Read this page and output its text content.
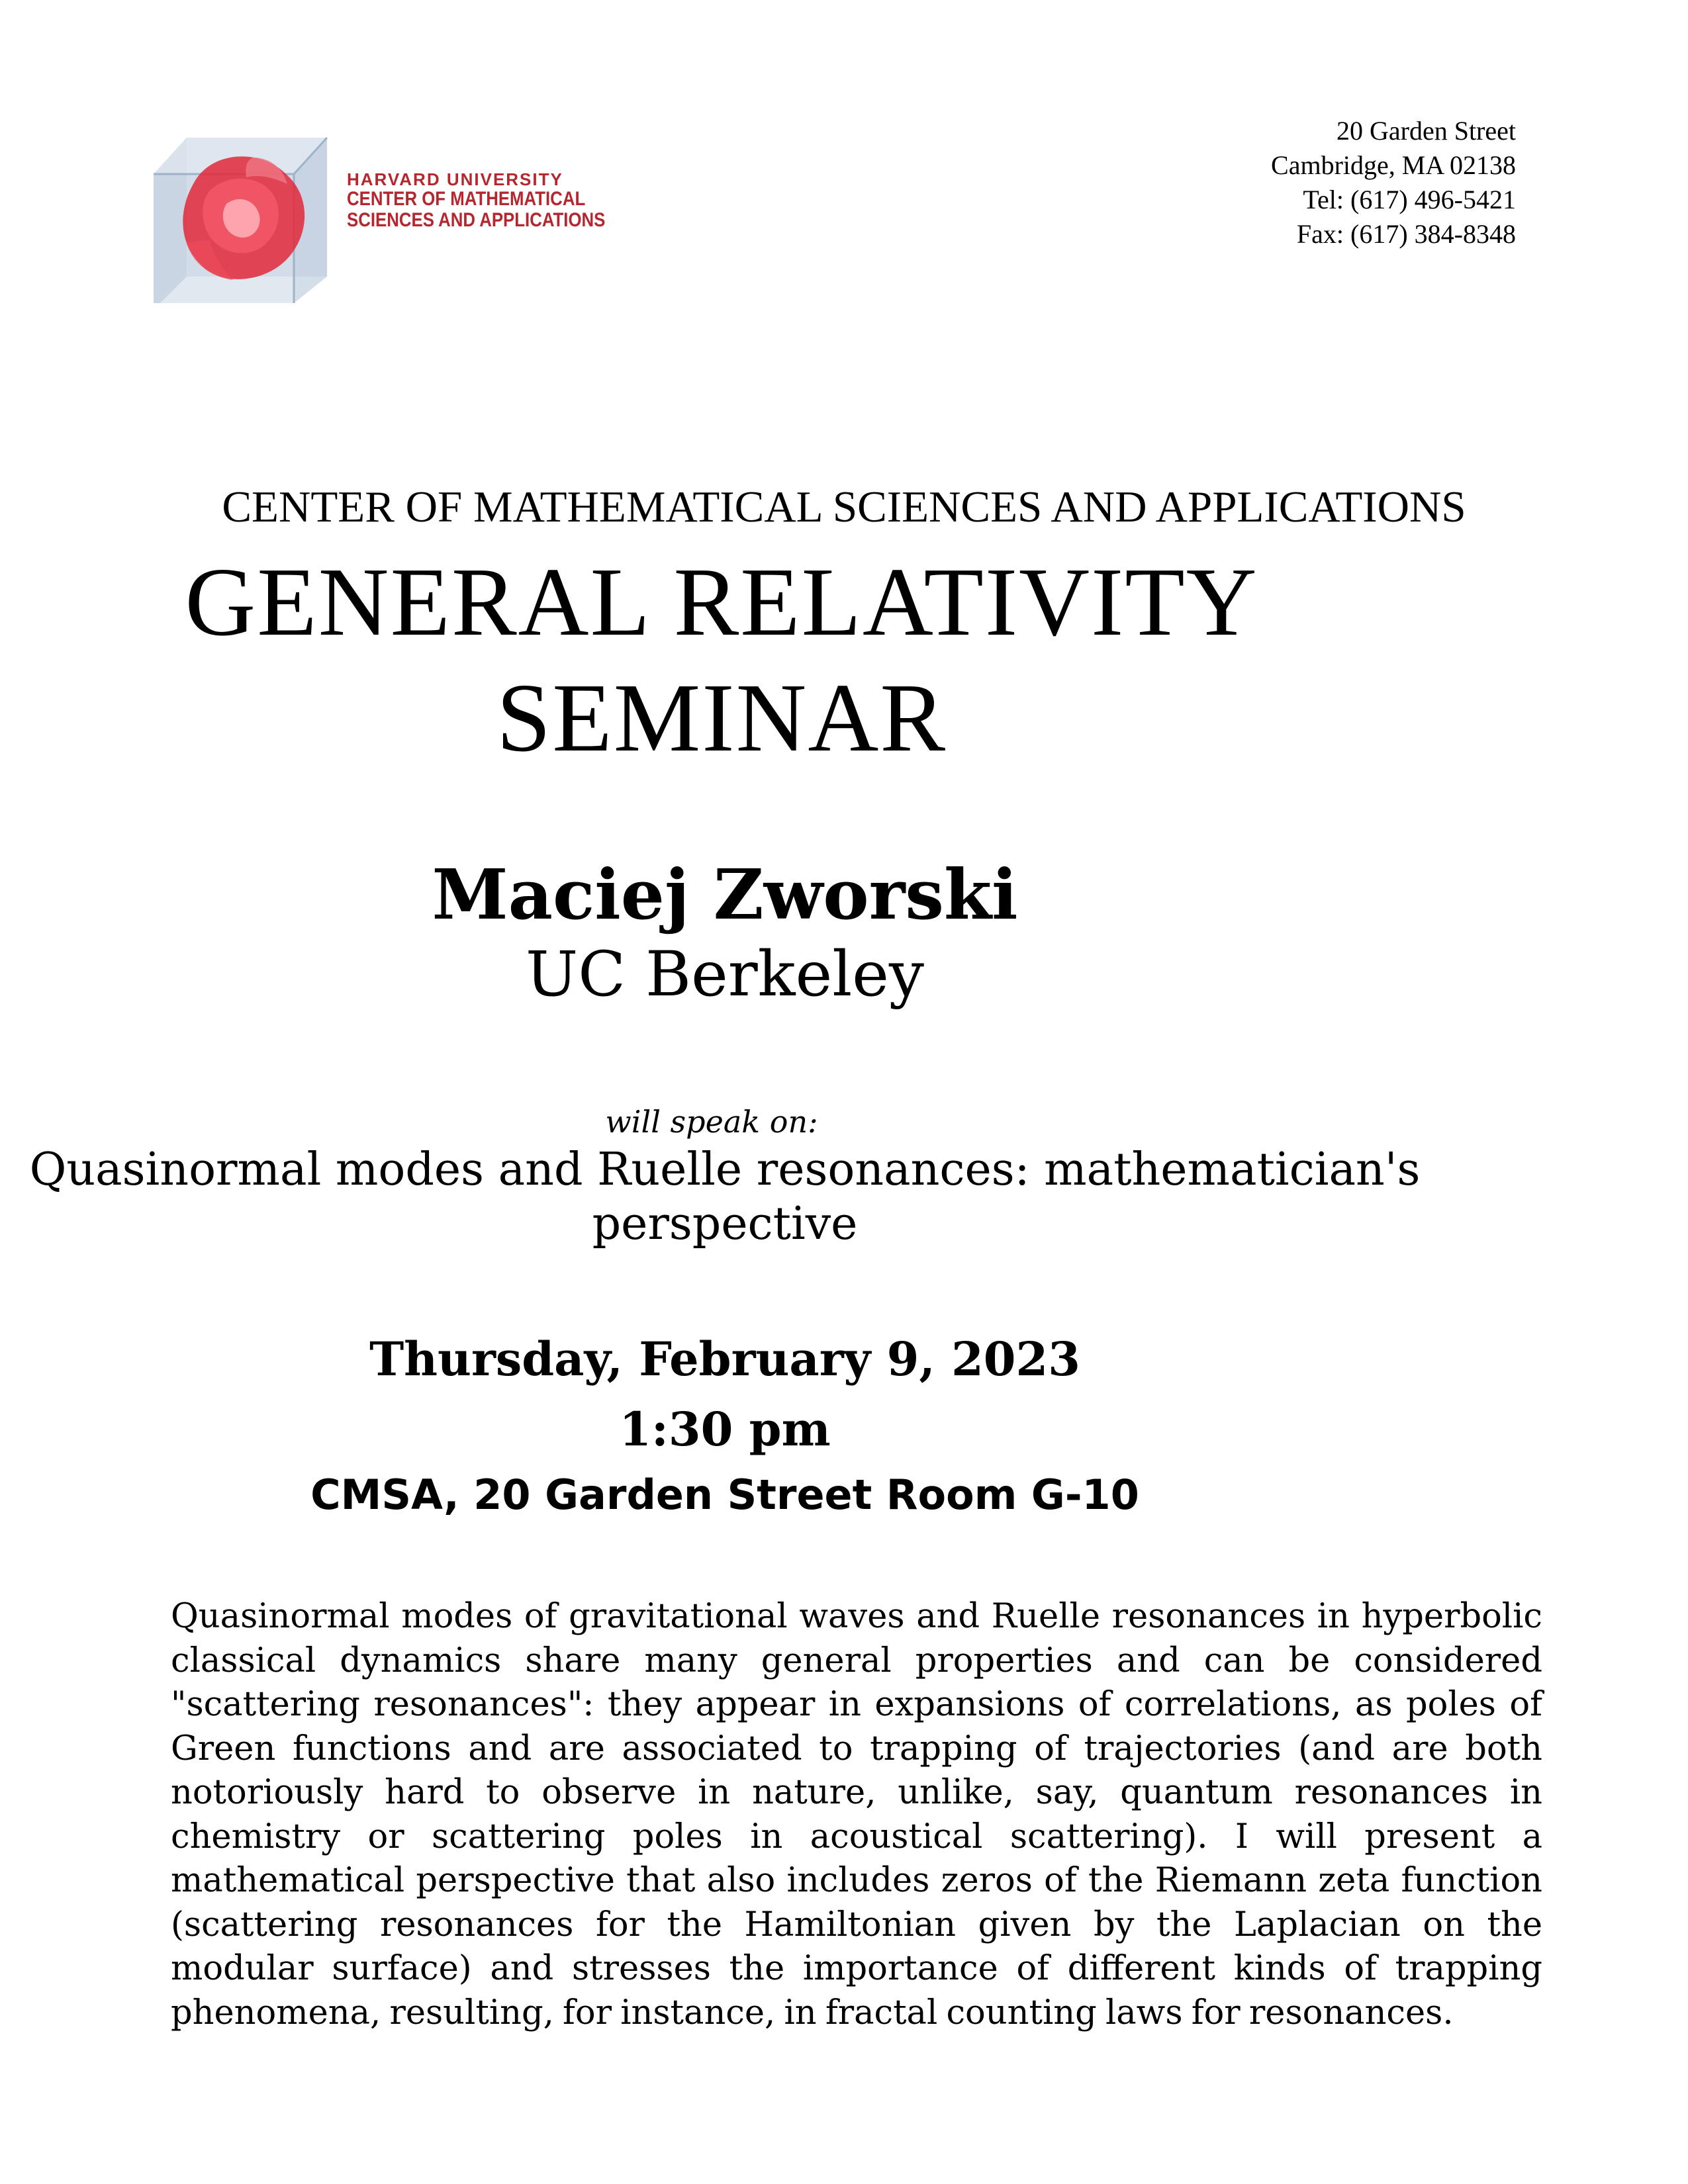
HARVARD UNIVERSITY
CENTER OF MATHEMATICAL
SCIENCES AND APPLICATIONS
20 Garden Street
Cambridge, MA 02138
Tel: (617) 496-5421
Fax: (617) 384-8348
CENTER OF MATHEMATICAL SCIENCES AND APPLICATIONS
GENERAL RELATIVITY
SEMINAR
Maciej Zworski
UC Berkeley
will speak on:
Quasinormal modes and Ruelle resonances: mathematician's
perspective
Thursday, February 9, 2023
1:30 pm
CMSA, 20 Garden Street Room G-10
Quasinormal modes of gravitational waves and Ruelle resonances in hyperbolic classical dynamics share many general properties and can be considered "scattering resonances": they appear in expansions of correlations, as poles of Green functions and are associated to trapping of trajectories (and are both notoriously hard to observe in nature, unlike, say, quantum resonances in chemistry or scattering poles in acoustical scattering). I will present a mathematical perspective that also includes zeros of the Riemann zeta function (scattering resonances for the Hamiltonian given by the Laplacian on the modular surface) and stresses the importance of different kinds of trapping phenomena, resulting, for instance, in fractal counting laws for resonances.
